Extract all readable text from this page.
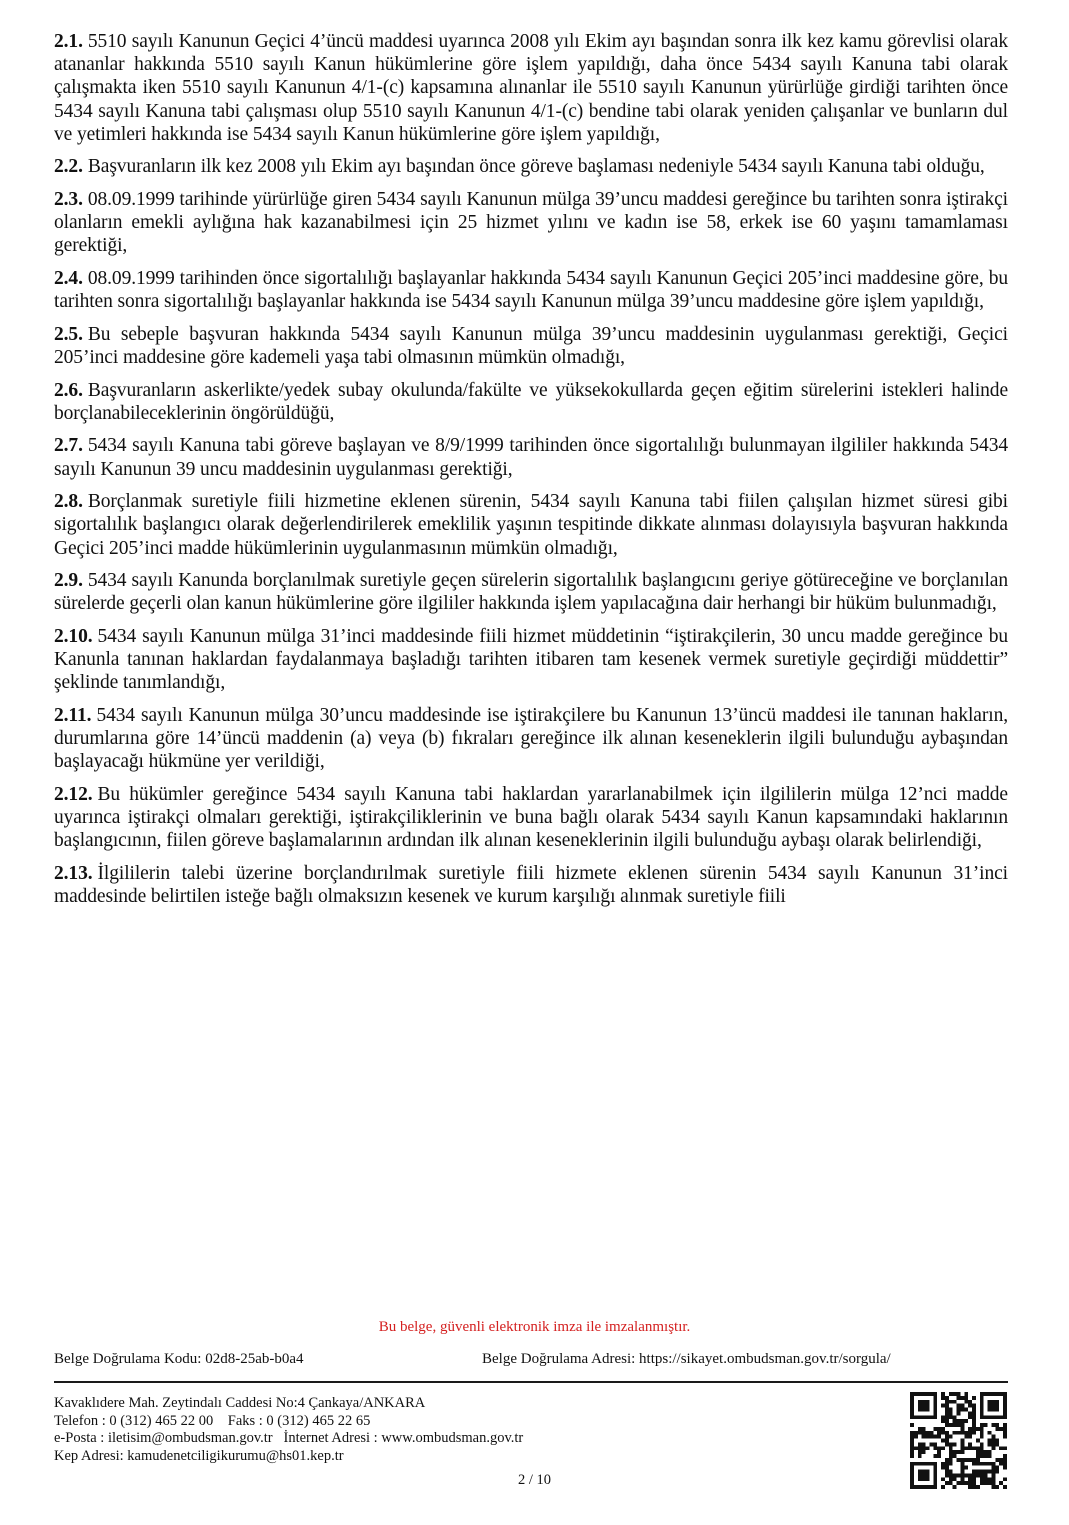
2.1. 5510 sayılı Kanunun Geçici 4’üncü maddesi uyarınca 2008 yılı Ekim ayı başından sonra ilk kez kamu görevlisi olarak atananlar hakkında 5510 sayılı Kanun hükümlerine göre işlem yapıldığı, daha önce 5434 sayılı Kanuna tabi olarak çalışmakta iken 5510 sayılı Kanunun 4/1-(c) kapsamına alınanlar ile 5510 sayılı Kanunun yürürlüğe girdiği tarihten önce 5434 sayılı Kanuna tabi çalışması olup 5510 sayılı Kanunun 4/1-(c) bendine tabi olarak yeniden çalışanlar ve bunların dul ve yetimleri hakkında ise 5434 sayılı Kanun hükümlerine göre işlem yapıldığı,

2.2. Başvuranların ilk kez 2008 yılı Ekim ayı başından önce göreve başlaması nedeniyle 5434 sayılı Kanuna tabi olduğu,

2.3. 08.09.1999 tarihinde yürürlüğe giren 5434 sayılı Kanunun mülga 39’uncu maddesi gereğince bu tarihten sonra iştirakçi olanların emekli aylığına hak kazanabilmesi için 25 hizmet yılını ve kadın ise 58, erkek ise 60 yaşını tamamlaması gerektiği,

2.4. 08.09.1999 tarihinden önce sigortalılığı başlayanlar hakkında 5434 sayılı Kanunun Geçici 205’inci maddesine göre, bu tarihten sonra sigortalılığı başlayanlar hakkında ise 5434 sayılı Kanunun mülga 39’uncu maddesine göre işlem yapıldığı,

2.5. Bu sebeple başvuran hakkında 5434 sayılı Kanunun mülga 39’uncu maddesinin uygulanması gerektiği, Geçici 205’inci maddesine göre kademeli yaşa tabi olmasının mümkün olmadığı,

2.6. Başvuranların askerlikte/yedek subay okulunda/fakülte ve yüksekokullarda geçen eğitim sürelerini istekleri halinde borçlanabileceklerinin öngörüldüğü,

2.7. 5434 sayılı Kanuna tabi göreve başlayan ve 8/9/1999 tarihinden önce sigortalılığı bulunmayan ilgililer hakkında 5434 sayılı Kanunun 39 uncu maddesinin uygulanması gerektiği,

2.8. Borçlanmak suretiyle fiili hizmetine eklenen sürenin, 5434 sayılı Kanuna tabi fiilen çalışılan hizmet süresi gibi sigortalılık başlangıcı olarak değerlendirilerek emeklilik yaşının tespitinde dikkate alınması dolayısıyla başvuran hakkında Geçici 205’inci madde hükümlerinin uygulanmasının mümkün olmadığı,

2.9. 5434 sayılı Kanunda borçlanılmak suretiyle geçen sürelerin sigortalılık başlangıcını geriye götüreceğine ve borçlanılan sürelerde geçerli olan kanun hükümlerine göre ilgililer hakkında işlem yapılacağına dair herhangi bir hüküm bulunmadığı,

2.10. 5434 sayılı Kanunun mülga 31’inci maddesinde fiili hizmet müddetinin “iştirakçilerin, 30 uncu madde gereğince bu Kanunla tanınan haklardan faydalanmaya başladığı tarihten itibaren tam kesenek vermek suretiyle geçirdiği müddettir” şeklinde tanımlandığı,

2.11. 5434 sayılı Kanunun mülga 30’uncu maddesinde ise iştirakçilere bu Kanunun 13’üncü maddesi ile tanınan hakların, durumlarına göre 14’üncü maddenin (a) veya (b) fıkraları gereğince ilk alınan keseneklerin ilgili bulunduğu aybaşından başlayacağı hükmüne yer verildiği,

2.12. Bu hükümler gereğince 5434 sayılı Kanuna tabi haklardan yararlanabilmek için ilgililerin mülga 12’nci madde uyarınca iştirakçi olmaları gerektiği, iştirakçiliklerinin ve buna bağlı olarak 5434 sayılı Kanun kapsamındaki haklarının başlangıcının, fiilen göreve başlamalarının ardından ilk alınan keseneklerinin ilgili bulunduğu aybaşı olarak belirlendiği,

2.13. İlgililerin talebi üzerine borçlandırılmak suretiyle fiili hizmete eklenen sürenin 5434 sayılı Kanunun 31’inci maddesinde belirtilen isteğe bağlı olmaksızın kesenek ve kurum karşılığı alınmak suretiyle fiili

Bu belge, güvenli elektronik imza ile imzalanmıştır.
Belge Doğrulama Kodu: 02d8-25ab-b0a4	Belge Doğrulama Adresi: https://sikayet.ombudsman.gov.tr/sorgula/
Kavaklıdere Mah. Zeytindalı Caddesi No:4 Çankaya/ANKARA
Telefon : 0 (312) 465 22 00    Faks : 0 (312) 465 22 65
e-Posta : iletisim@ombudsman.gov.tr   İnternet Adresi : www.ombudsman.gov.tr
Kep Adresi: kamudenetciligikurumu@hs01.kep.tr
2 / 10
